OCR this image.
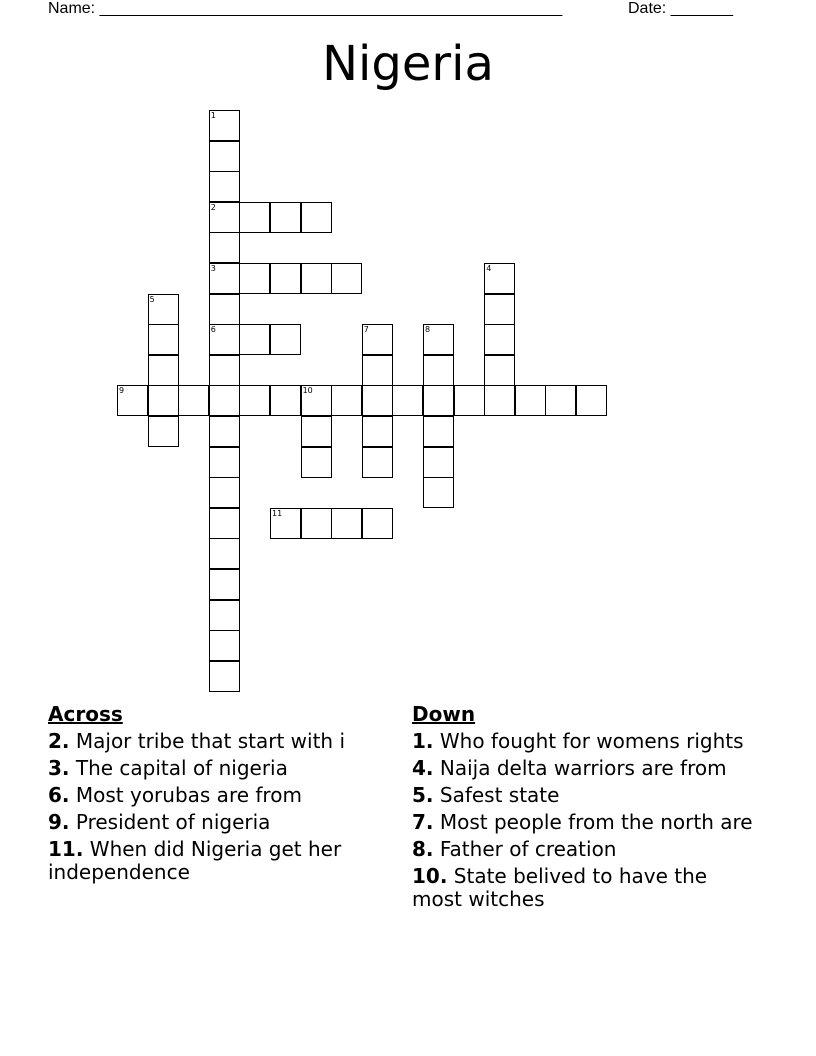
Name: ____________________________________________________	Date: _______
Nigeria
1
2
3
6
4
5
7	8
9	10
11
Across
2. Major tribe that start with i
3. The capital of nigeria
6. Most yorubas are from
9. President of nigeria
11. When did Nigeria get her independence
Down
1. Who fought for womens rights
4. Naija delta warriors are from
5. Safest state
7. Most people from the north are
8. Father of creation
10. State belived to have the most witches
